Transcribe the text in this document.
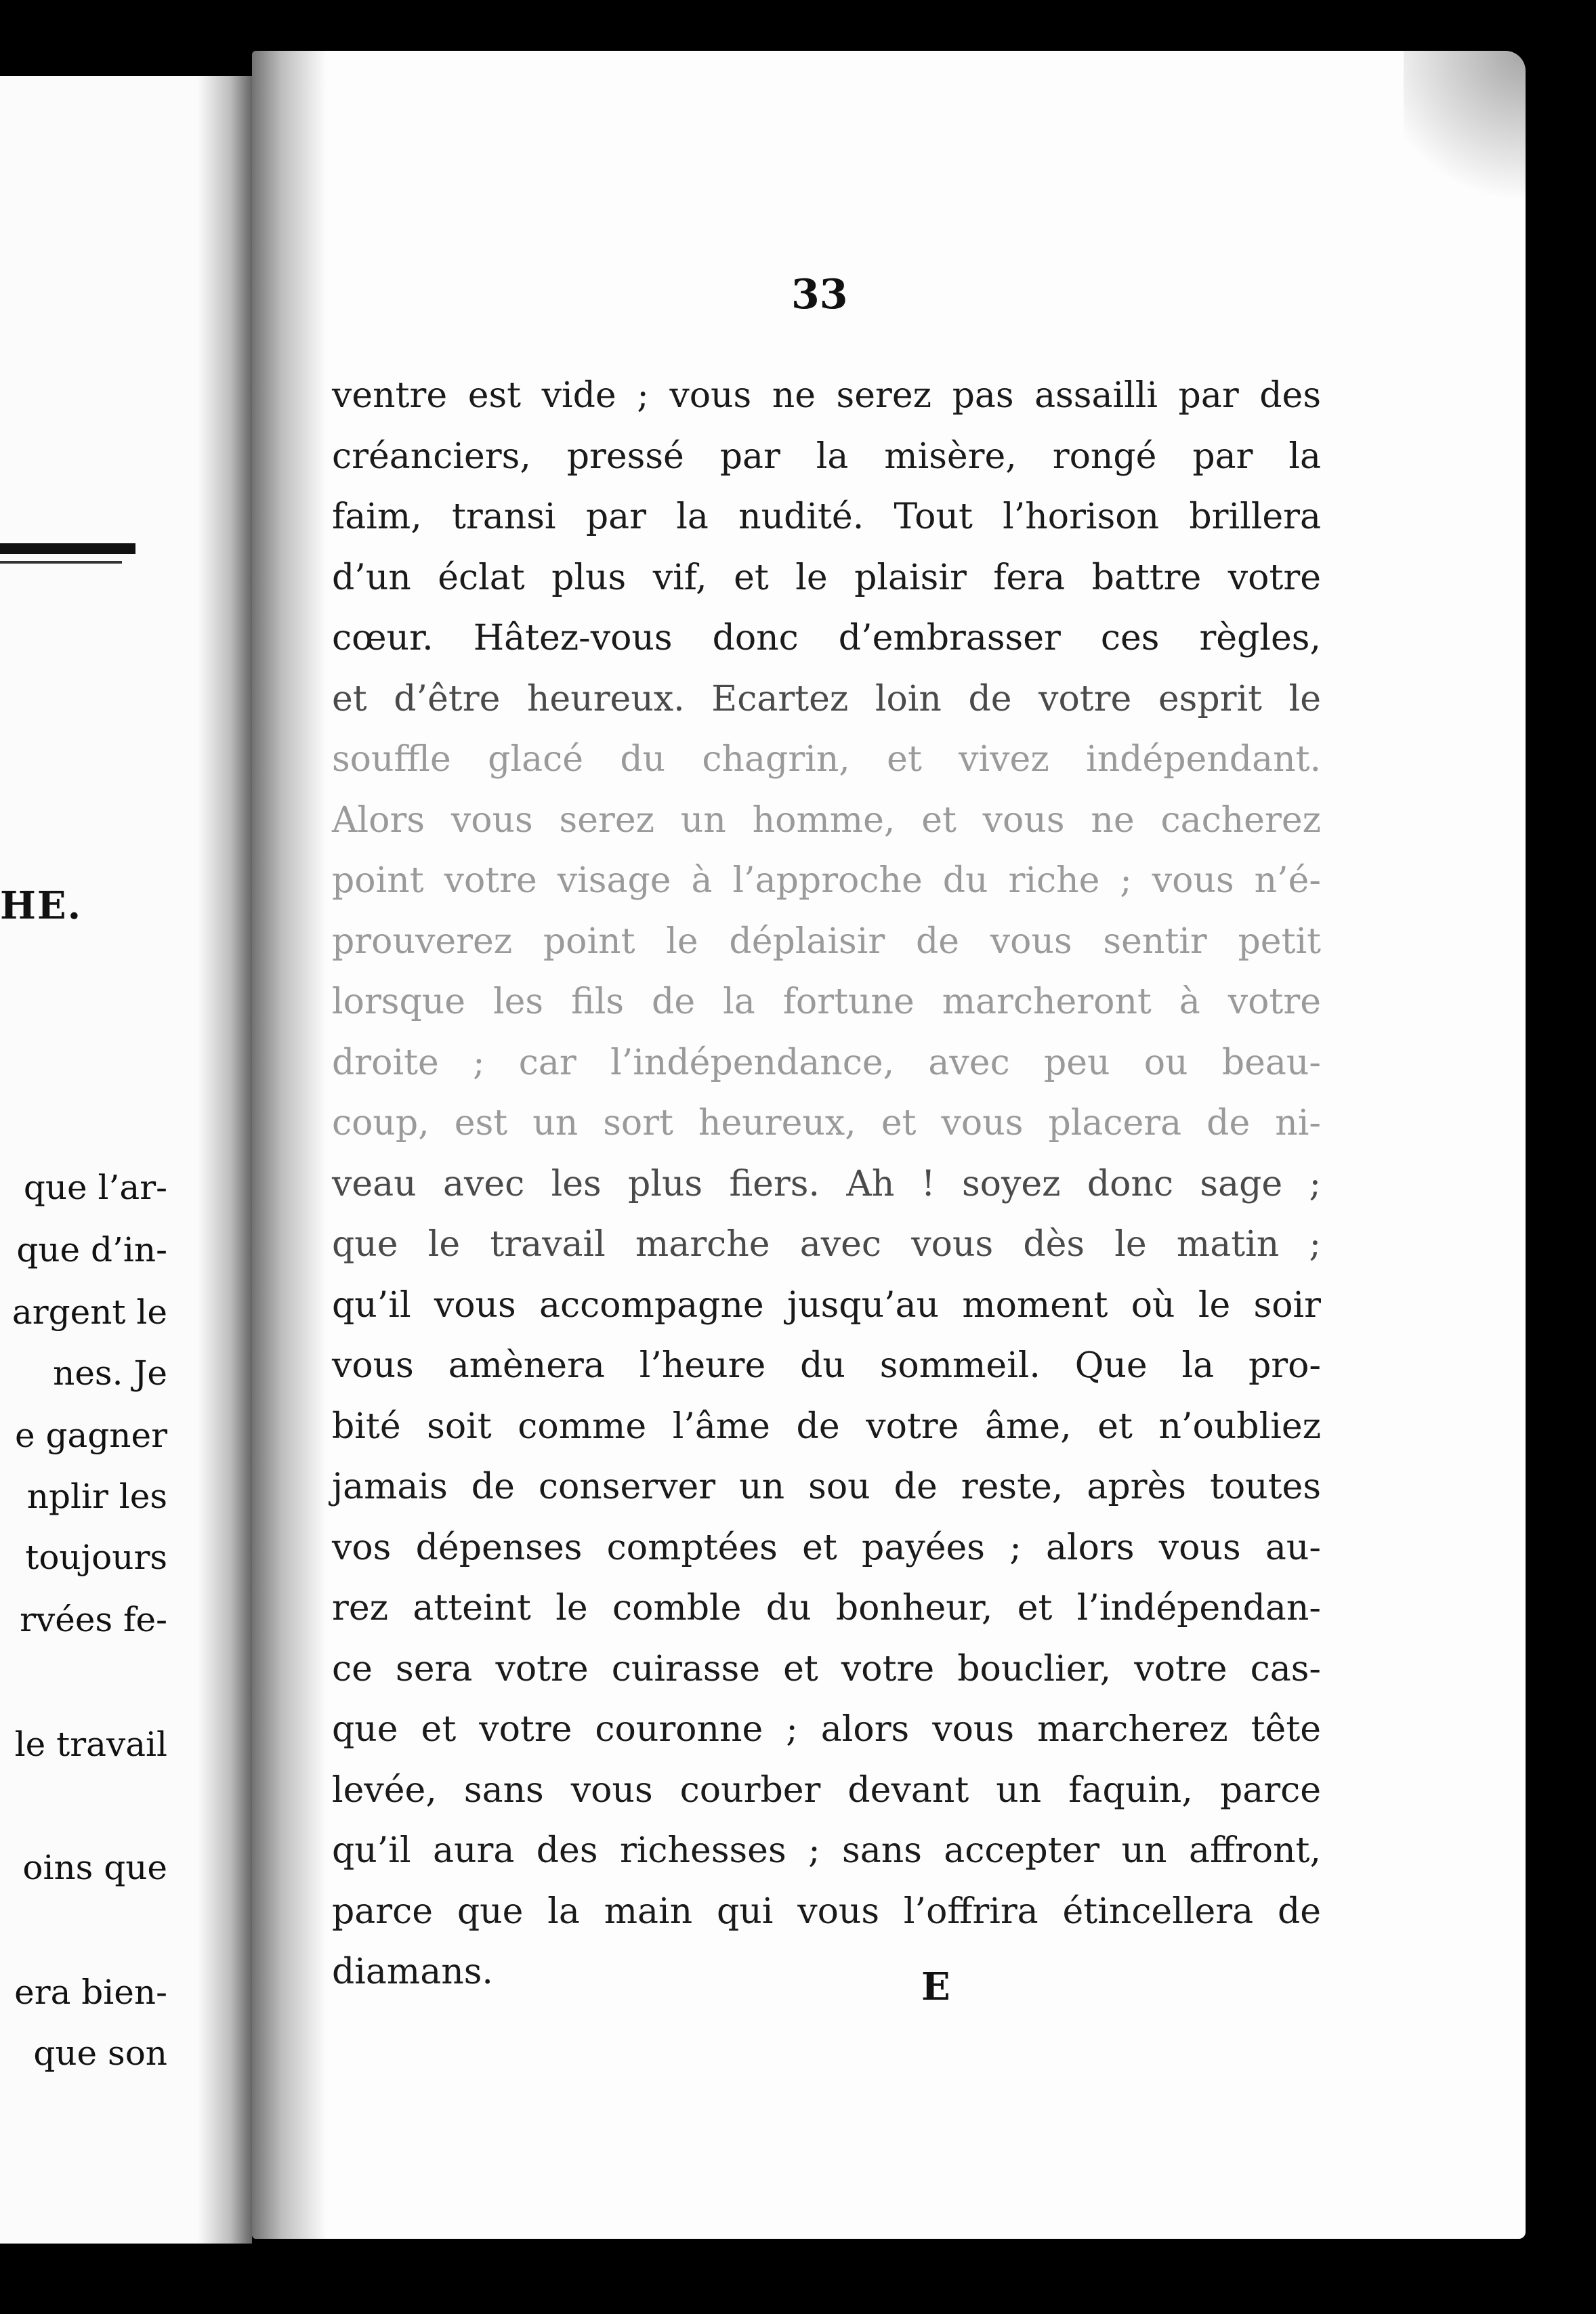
HE.
que l’ar-
que d’in-
argent le
nes. Je
e gagner
nplir les
toujours
rvées fe-
le travail
oins que
era bien-
que son
33
ventre est vide ; vous ne serez pas assailli par des
créanciers, pressé par la misère, rongé par la
faim, transi par la nudité. Tout l’horison brillera
d’un éclat plus vif, et le plaisir fera battre votre
cœur. Hâtez-vous donc d’embrasser ces règles,
et d’être heureux. Ecartez loin de votre esprit le
souffle glacé du chagrin, et vivez indépendant.
Alors vous serez un homme, et vous ne cacherez
point votre visage à l’approche du riche ; vous n’é-
prouverez point le déplaisir de vous sentir petit
lorsque les fils de la fortune marcheront à votre
droite ; car l’indépendance, avec peu ou beau-
coup, est un sort heureux, et vous placera de ni-
veau avec les plus fiers. Ah ! soyez donc sage ;
que le travail marche avec vous dès le matin ;
qu’il vous accompagne jusqu’au moment où le soir
vous amènera l’heure du sommeil. Que la pro-
bité soit comme l’âme de votre âme, et n’oubliez
jamais de conserver un sou de reste, après toutes
vos dépenses comptées et payées ; alors vous au-
rez atteint le comble du bonheur, et l’indépendan-
ce sera votre cuirasse et votre bouclier, votre cas-
que et votre couronne ; alors vous marcherez tête
levée, sans vous courber devant un faquin, parce
qu’il aura des richesses ; sans accepter un affront,
parce que la main qui vous l’offrira étincellera de
diamans.	E
